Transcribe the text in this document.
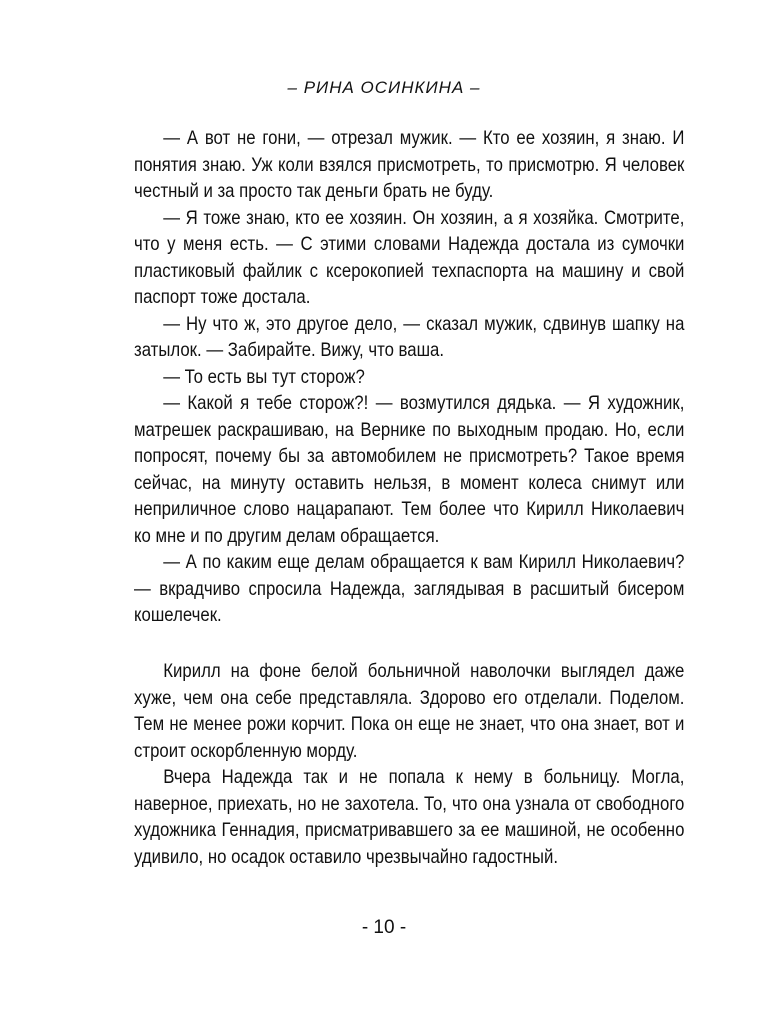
– РИНА ОСИНКИНА –

— А вот не гони, — отрезал мужик. — Кто ее хозяин, я знаю. И понятия знаю. Уж коли взялся присмотреть, то присмотрю. Я человек честный и за просто так деньги брать не буду.

— Я тоже знаю, кто ее хозяин. Он хозяин, а я хозяйка. Смотрите, что у меня есть. — С этими словами Надежда достала из сумочки пластиковый файлик с ксерокопией техпаспорта на машину и свой паспорт тоже достала.

— Ну что ж, это другое дело, — сказал мужик, сдвинув шапку на затылок. — Забирайте. Вижу, что ваша.

— То есть вы тут сторож?

— Какой я тебе сторож?! — возмутился дядька. — Я художник, матрешек раскрашиваю, на Вернике по выходным продаю. Но, если попросят, почему бы за автомобилем не присмотреть? Такое время сейчас, на минуту оставить нельзя, в момент колеса снимут или неприличное слово нацарапают. Тем более что Кирилл Николаевич ко мне и по другим делам обращается.

— А по каким еще делам обращается к вам Кирилл Николаевич? — вкрадчиво спросила Надежда, заглядывая в расшитый бисером кошелечек.

Кирилл на фоне белой больничной наволочки выглядел даже хуже, чем она себе представляла. Здорово его отделали. Поделом. Тем не менее рожи корчит. Пока он еще не знает, что она знает, вот и строит оскорбленную морду.

Вчера Надежда так и не попала к нему в больницу. Могла, наверное, приехать, но не захотела. То, что она узнала от свободного художника Геннадия, присматривавшего за ее машиной, не особенно удивило, но осадок оставило чрезвычайно гадостный.

- 10 -
